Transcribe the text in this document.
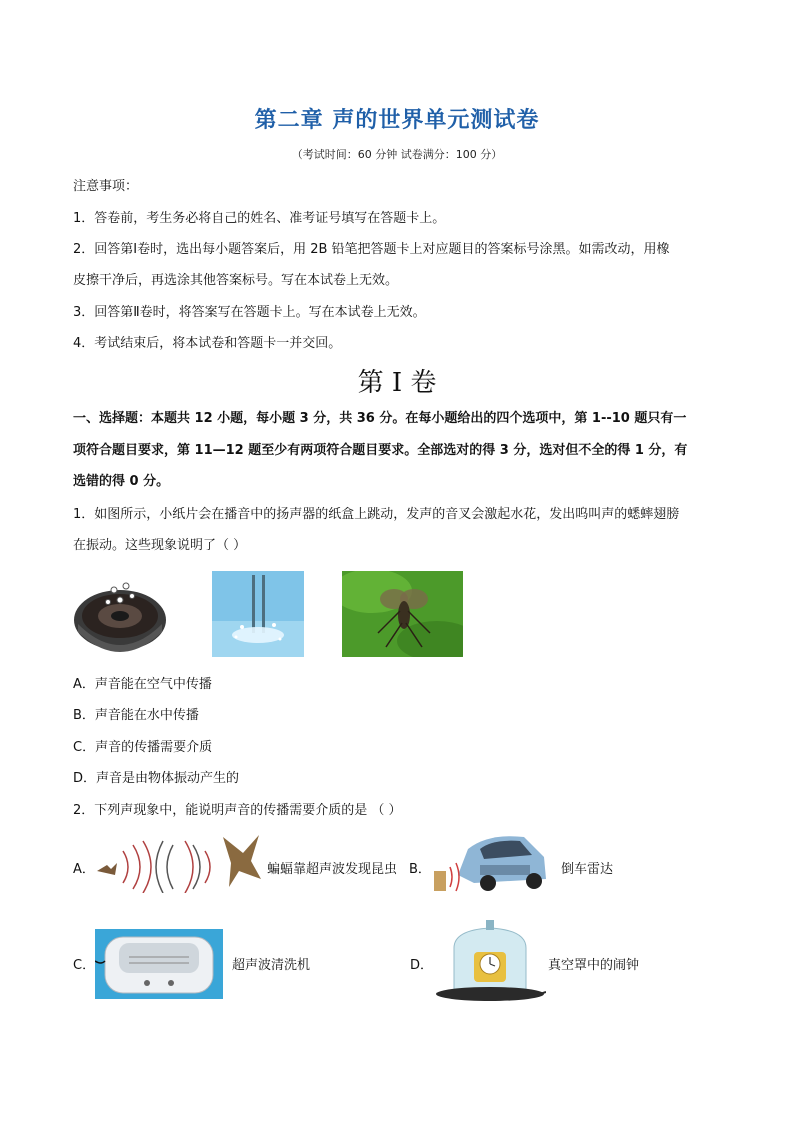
第二章 声的世界单元测试卷
（考试时间：60 分钟 试卷满分：100 分）
注意事项：
1．答卷前，考生务必将自己的姓名、准考证号填写在答题卡上。
2．回答第Ⅰ卷时，选出每小题答案后，用 2B 铅笔把答题卡上对应题目的答案标号涂黑。如需改动，用橡
皮擦干净后，再选涂其他答案标号。写在本试卷上无效。
3．回答第Ⅱ卷时，将答案写在答题卡上。写在本试卷上无效。
4．考试结束后，将本试卷和答题卡一并交回。
第 I 卷
一、选择题：本题共 12 小题，每小题 3 分，共 36 分。在每小题给出的四个选项中，第 1--10 题只有一
项符合题目要求，第 11—12 题至少有两项符合题目要求。全部选对的得 3 分，选对但不全的得 1 分，有
选错的得 0 分。
1．如图所示，小纸片会在播音中的扬声器的纸盒上跳动，发声的音叉会激起水花，发出呜叫声的蟋蟀翅膀
在振动。这些现象说明了（ ）
A．声音能在空气中传播
B．声音能在水中传播
C．声音的传播需要介质
D．声音是由物体振动产生的
2．下列声现象中，能说明声音的传播需要介质的是 （ ）
A．	蝙蝠靠超声波发现昆虫 B．	倒车雷达
C．	超声波清洗机	D．	真空罩中的闹钟
